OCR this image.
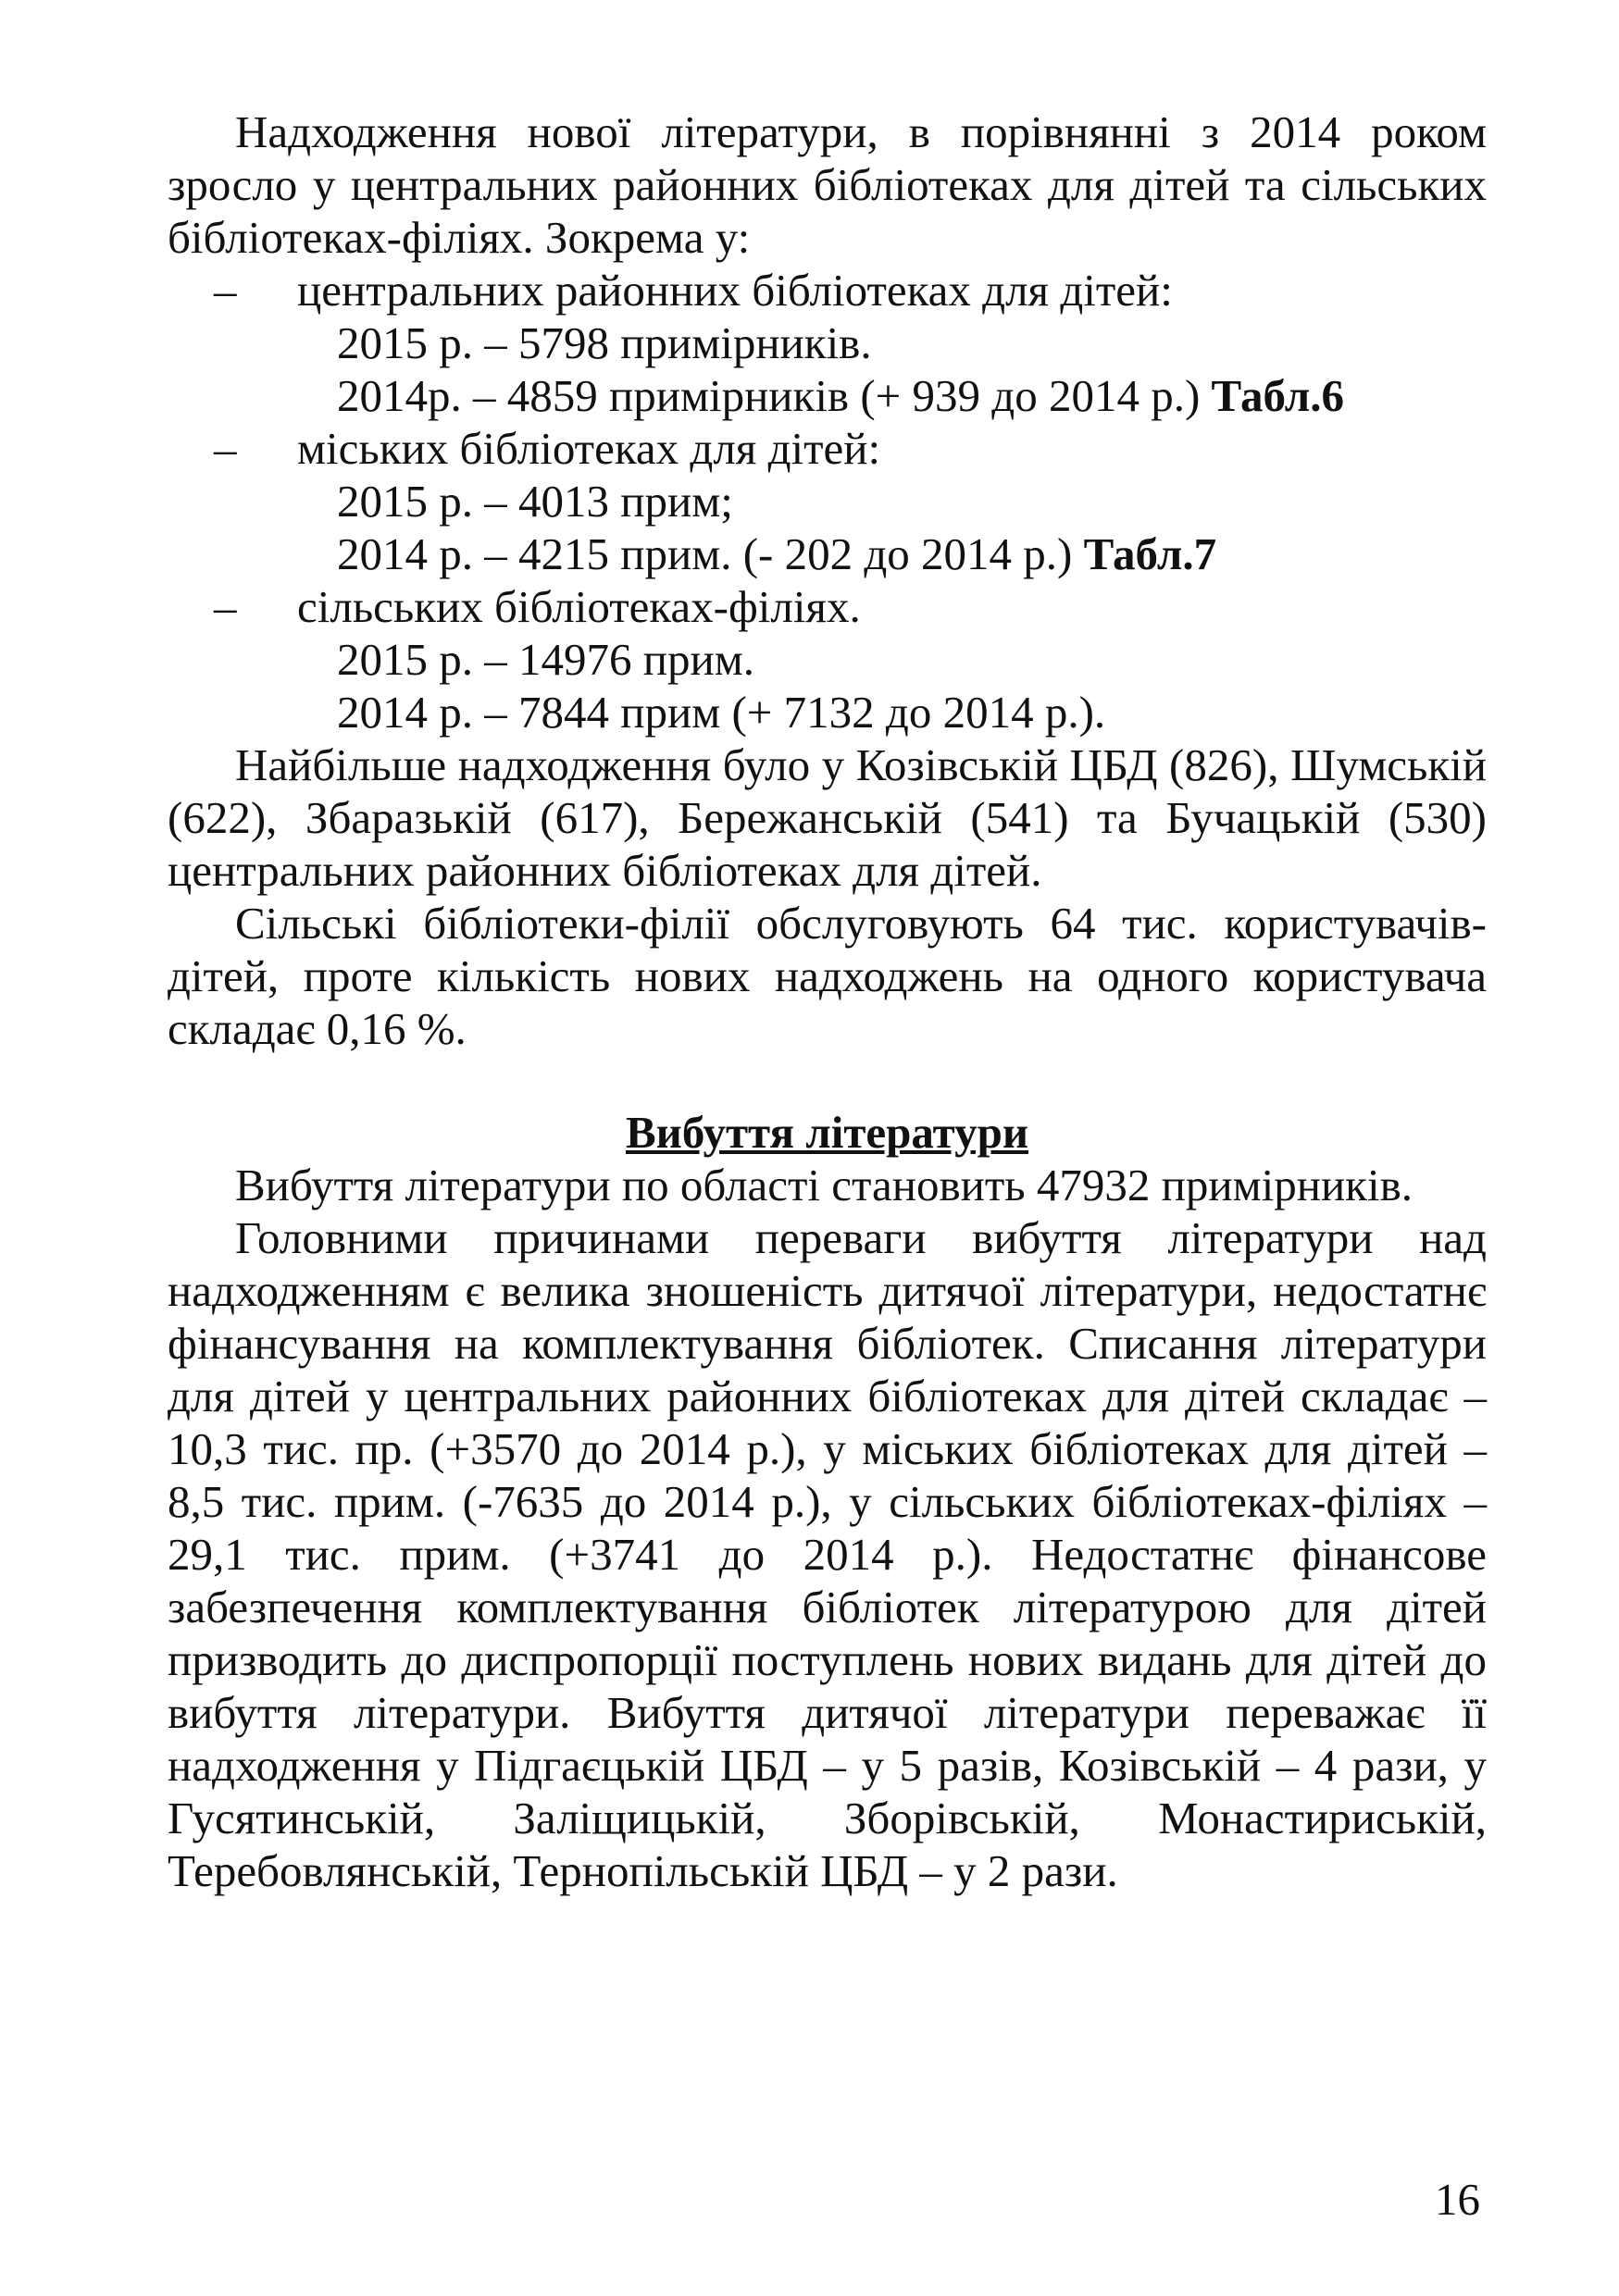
Надходження нової літератури, в порівнянні з 2014 роком зросло у центральних районних бібліотеках для дітей та сільських бібліотеках-філіях. Зокрема у:

–	центральних районних бібліотеках для дітей:

2015 р. – 5798 примірників.

2014р. – 4859 примірників (+ 939 до 2014 р.) Табл.6

–	міських бібліотеках для дітей:

2015 р. – 4013 прим;

2014 р. – 4215 прим. (- 202 до 2014 р.) Табл.7

–	сільських бібліотеках-філіях.

2015 р. – 14976 прим.

2014 р. – 7844 прим (+ 7132 до 2014 р.).

Найбільше надходження було у Козівській ЦБД (826), Шумській (622), Збаразькій (617), Бережанській (541) та Бучацькій (530) центральних районних бібліотеках для дітей.

Сільські бібліотеки-філії обслуговують 64 тис. користувачів-дітей, проте кількість нових надходжень на одного користувача складає 0,16 %.

Вибуття літератури

Вибуття літератури по області становить 47932 примірників.

Головними причинами переваги вибуття літератури над надходженням є велика зношеність дитячої літератури, недостатнє фінансування на комплектування бібліотек. Списання літератури для дітей у центральних районних бібліотеках для дітей складає – 10,3 тис. пр. (+3570 до 2014 р.), у міських бібліотеках для дітей – 8,5 тис. прим. (-7635 до 2014 р.), у сільських бібліотеках-філіях – 29,1 тис. прим. (+3741 до 2014 р.). Недостатнє фінансове забезпечення комплектування бібліотек літературою для дітей призводить до диспропорції поступлень нових видань для дітей до вибуття літератури. Вибуття дитячої літератури переважає її надходження у Підгаєцькій ЦБД – у 5 разів, Козівській – 4 рази, у Гусятинській, Заліщицькій, Зборівській, Монастириській, Теребовлянській, Тернопільській ЦБД – у 2 рази.

16
